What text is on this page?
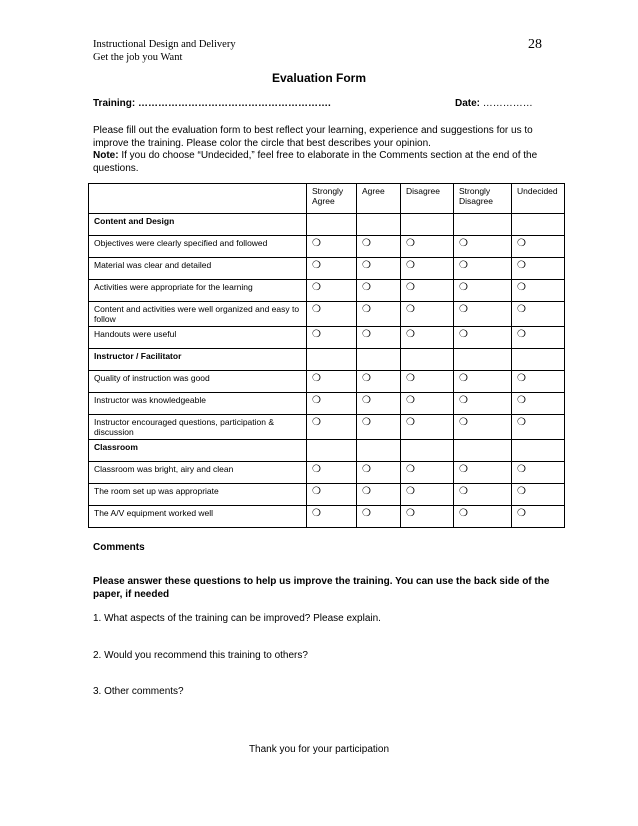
Instructional Design and Delivery
Get the job you Want
28
Evaluation Form
Training: ………………………………………………….	Date: ……………

Please fill out the evaluation form to best reflect your learning, experience and suggestions for us to improve the training. Please color the circle that best describes your opinion.

Note: If you do choose “Undecided,” feel free to elaborate in the Comments section at the end of the questions.

	Strongly Agree	Agree	Disagree	Strongly Disagree	Undecided
Content and Design					
Objectives were clearly specified and followed	❍	❍	❍	❍	❍
Material was clear and detailed	❍	❍	❍	❍	❍
Activities were appropriate for the learning	❍	❍	❍	❍	❍
Content and activities were well organized and easy to follow	❍	❍	❍	❍	❍
Handouts were useful	❍	❍	❍	❍	❍
Instructor / Facilitator					
Quality of instruction was good	❍	❍	❍	❍	❍
Instructor was knowledgeable	❍	❍	❍	❍	❍
Instructor encouraged questions, participation & discussion	❍	❍	❍	❍	❍
Classroom					
Classroom was bright, airy and clean	❍	❍	❍	❍	❍
The room set up was appropriate	❍	❍	❍	❍	❍
The A/V equipment worked well	❍	❍	❍	❍	❍
Comments
Please answer these questions to help us improve the training. You can use the back side of the paper, if needed
1. What aspects of the training can be improved? Please explain.
2. Would you recommend this training to others?
3. Other comments?
Thank you for your participation
